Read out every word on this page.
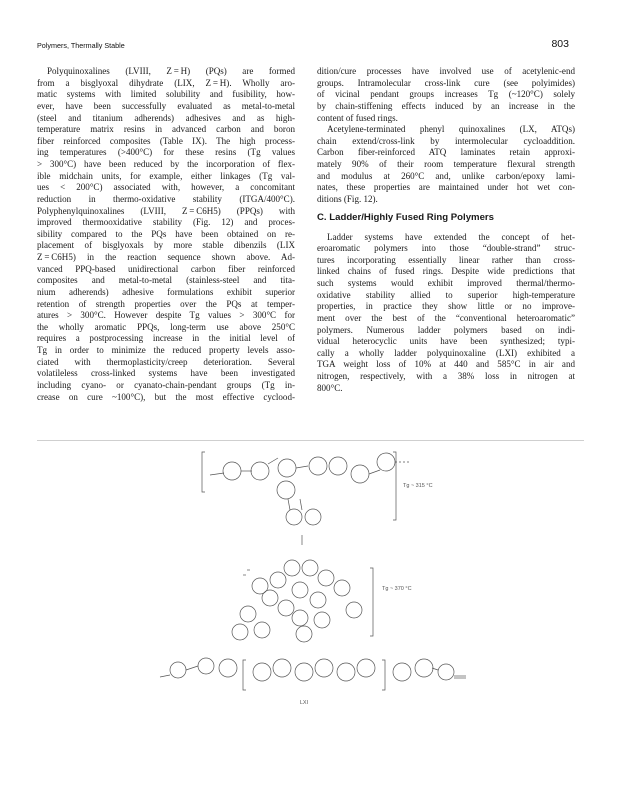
Polymers, Thermally Stable	803
Polyquinoxalines (LVIII, Z = H) (PQs) are formed
from a bisglyoxal dihydrate (LIX, Z = H). Wholly aro-
matic systems with limited solubility and fusibility, how-
ever, have been successfully evaluated as metal-to-metal
(steel and titanium adherends) adhesives and as high-
temperature matrix resins in advanced carbon and boron
fiber reinforced composites (Table IX). The high process-
ing temperatures (>400°C) for these resins (Tg values
> 300°C) have been reduced by the incorporation of flex-
ible midchain units, for example, either linkages (Tg val-
ues < 200°C) associated with, however, a concomitant
reduction in thermo-oxidative stability (ITGA/400°C).
Polyphenylquinoxalines (LVIII, Z = C6H5) (PPQs) with
improved thermooxidative stability (Fig. 12) and proces-
sibility compared to the PQs have been obtained on re-
placement of bisglyoxals by more stable dibenzils (LIX
Z = C6H5) in the reaction sequence shown above. Ad-
vanced PPQ-based unidirectional carbon fiber reinforced
composites and metal-to-metal (stainless-steel and tita-
nium adherends) adhesive formulations exhibit superior
retention of strength properties over the PQs at temper-
atures > 300°C. However despite Tg values > 300°C for
the wholly aromatic PPQs, long-term use above 250°C
requires a postprocessing increase in the initial level of
Tg in order to minimize the reduced property levels asso-
ciated with thermoplasticity/creep deterioration. Several
volatileless cross-linked systems have been investigated
including cyano- or cyanato-chain-pendant groups (Tg in-
crease on cure ~100°C), but the most effective cyclood-
dition/cure processes have involved use of acetylenic-end
groups. Intramolecular cross-link cure (see polyimides)
of vicinal pendant groups increases Tg (~120°C) solely
by chain-stiffening effects induced by an increase in the
content of fused rings.
Acetylene-terminated phenyl quinoxalines (LX, ATQs)
chain extend/cross-link by intermolecular cycloaddition.
Carbon fiber-reinforced ATQ laminates retain approxi-
mately 90% of their room temperature flexural strength
and modulus at 260°C and, unlike carbon/epoxy lami-
nates, these properties are maintained under hot wet con-
ditions (Fig. 12).
C. Ladder/Highly Fused Ring Polymers
Ladder systems have extended the concept of het-
eroaromatic polymers into those “double-strand” struc-
tures incorporating essentially linear rather than cross-
linked chains of fused rings. Despite wide predictions that
such systems would exhibit improved thermal/thermo-
oxidative stability allied to superior high-temperature
properties, in practice they show little or no improve-
ment over the best of the “conventional heteroaromatic”
polymers. Numerous ladder polymers based on indi-
vidual heterocyclic units have been synthesized; typi-
cally a wholly ladder polyquinoxaline (LXI) exhibited a
TGA weight loss of 10% at 440 and 585°C in air and
nitrogen, respectively, with a 38% loss in nitrogen at
800°C.
Tg ~ 315 °C
Tg ~ 370 °C
LXI
